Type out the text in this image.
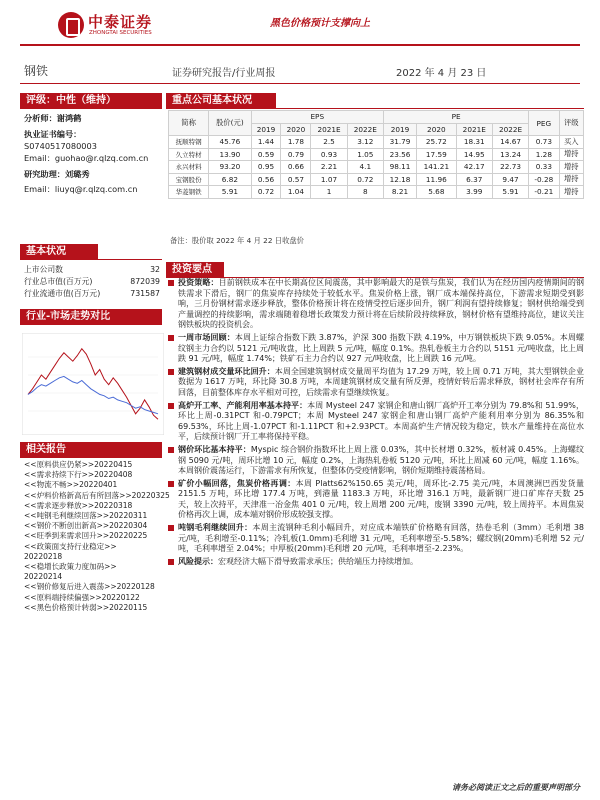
中泰证券
ZHONGTAI SECURITIES
黑色价格预计支撑向上
钢铁	证券研究报告/行业周报	2022 年 4 月 23 日
评级：中性（维持）
分析师：谢鸿鹤
执业证书编号：
S0740517080003
Email：guohao@r.qlzq.com.cn
研究助理：刘璐秀
Email：liuyq@r.qlzq.com.cn
重点公司基本状况
简称	股价(元)	EPS				PE				PEG	评级
		2019	2020	2021E	2022E	2019	2020	2021E	2022E		
抚顺特钢	45.76	1.44	1.78	2.5	3.12	31.79	25.72	18.31	14.67	0.73	买入
久立特材	13.90	0.59	0.79	0.93	1.05	23.56	17.59	14.95	13.24	1.28	增持
永兴材料	93.20	0.95	0.66	2.21	4.1	98.11	141.21	42.17	22.73	0.33	增持
宝钢股份	6.82	0.56	0.57	1.07	0.72	12.18	11.96	6.37	9.47	-0.28	增持
华菱钢铁	5.91	0.72	1.04	1	8	8.21	5.68	3.99	5.91	-0.21	增持
备注：股价取 2022 年 4 月 22 日收盘价
基本状况
上市公司数	32
行业总市值(百万元)	872039
行业流通市值(百万元)	731587
行业-市场走势对比
相关报告
<<原料供应仍紧>>20220415
<<需求持续下行>>20220408
<<物流不畅>>20220401
<<炉料价格新高后有所回落>>20220325
<<需求逐步释放>>20220318
<<吨钢毛利继续回落>>20220311
<<钢价不断创出新高>>20220304
<<旺季到来需求回升>>20220225
<<政策面支持行业稳定>>
20220218
<<稳增长政策力度加码>>
20220214
<<钢价修复后进入震荡>>20220128
<<原料端持续偏强>>20220122
<<黑色价格预计转弱>>20220115
投资要点

投资策略：目前钢铁成本在中长期高位区间震荡，其中影响最大的是铁与焦炭，我们认为在经历国内疫情期间的钢铁需求下滑后，钢厂的焦炭库存持续处于较低水平。焦炭价格上涨，钢厂成本端保持高位，下游需求短期受到影响，三月份钢材需求逐步释放，整体价格预计将在疫情受控后逐步回升，钢厂利润有望持续修复；钢材供给端受到产量调控的持续影响，需求端随着稳增长政策发力预计将在后续阶段持续释放，钢材价格有望维持高位，建议关注钢铁板块的投资机会。

一周市场回顾：本周上证综合指数下跌 3.87%，沪深 300 指数下跌 4.19%，中万钢铁板块下跌 9.05%。本周螺纹钢主力合约以 5121 元/吨收盘，比上周跌 5 元/吨，幅度 0.1%。热轧卷板主力合约以 5151 元/吨收盘，比上周跌 91 元/吨，幅度 1.74%；铁矿石主力合约以 927 元/吨收盘，比上周跌 16 元/吨。

建筑钢材成交量环比回升：本周全国建筑钢材成交量周平均值为 17.29 万吨，较上周 0.71 万吨，其大型钢铁企业数据为 1617 万吨，环比降 30.8 万吨，本周建筑钢材成交量有所反弹，疫情好转后需求释放，钢材社会库存有所回落，目前整体库存水平相对可控，后续需求有望继续恢复。

高炉开工率、产能利用率基本持平：本周 Mysteel 247 家钢企和唐山钢厂高炉开工率分别为 79.8%和 51.99%，环比上周-0.31PCT 和-0.79PCT；本周 Mysteel 247 家钢企和唐山钢厂高炉产能利用率分别为 86.35%和 69.53%，环比上周-1.07PCT 和-1.11PCT 和+2.93PCT。本周高炉生产情况较为稳定，铁水产量维持在高位水平，后续预计钢厂开工率将保持平稳。

钢价环比基本持平：Myspic 综合钢价指数环比上周上涨 0.03%，其中长材增 0.32%，板材减 0.45%。上海螺纹钢 5090 元/吨，周环比增 10 元，幅度 0.2%，上海热轧卷板 5120 元/吨，环比上周减 60 元/吨，幅度 1.16%。本周钢价震荡运行，下游需求有所恢复，但整体仍受疫情影响，钢价短期维持震荡格局。

矿价小幅回落，焦炭价格再调：本周 Platts62%150.65 美元/吨，周环比-2.75 美元/吨，本周澳洲巴西发货量 2151.5 万吨，环比增 177.4 万吨，到港量 1183.3 万吨，环比增 316.1 万吨，最新钢厂进口矿库存天数 25 天，较上次持平，天津准一冶金焦 401 0 元/吨，较上周增 200 元/吨，废钢 3390 元/吨，较上周持平。本周焦炭价格再次上调，成本端对钢价形成较强支撑。

吨钢毛利继续回升：本周主流钢种毛利小幅回升，对应成本端铁矿价格略有回落，热卷毛利（3mm）毛利增 38 元/吨，毛利增至-0.11%；冷轧板(1.0mm)毛利增 31 元/吨，毛利率增至-5.58%；螺纹钢(20mm)毛利增 52 元/吨，毛利率增至 2.04%；中厚板(20mm)毛利增 20 元/吨，毛利率增至-2.23%。

风险提示：宏观经济大幅下滑导致需求承压；供给端压力持续增加。

请务必阅读正文之后的重要声明部分
